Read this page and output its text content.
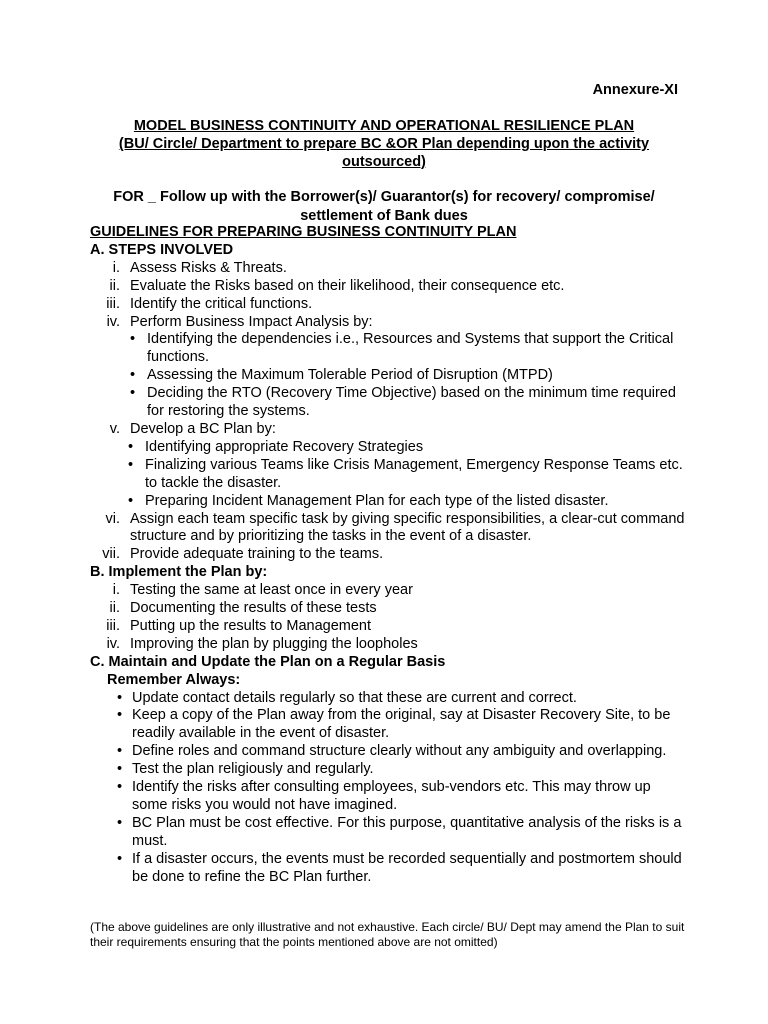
Annexure-XI
MODEL BUSINESS CONTINUITY AND OPERATIONAL RESILIENCE PLAN
(BU/ Circle/ Department to prepare BC &OR Plan depending upon the activity outsourced)
FOR _ Follow up with the Borrower(s)/ Guarantor(s) for recovery/ compromise/ settlement of Bank dues
GUIDELINES FOR PREPARING BUSINESS CONTINUITY PLAN
A. STEPS INVOLVED
i. Assess Risks & Threats.
ii. Evaluate the Risks based on their likelihood, their consequence etc.
iii. Identify the critical functions.
iv. Perform Business Impact Analysis by:
• Identifying the dependencies i.e., Resources and Systems that support the Critical functions.
• Assessing the Maximum Tolerable Period of Disruption (MTPD)
• Deciding the RTO (Recovery Time Objective) based on the minimum time required for restoring the systems.
v. Develop a BC Plan by:
• Identifying appropriate Recovery Strategies
• Finalizing various Teams like Crisis Management, Emergency Response Teams etc. to tackle the disaster.
• Preparing Incident Management Plan for each type of the listed disaster.
vi. Assign each team specific task by giving specific responsibilities, a clear-cut command structure and by prioritizing the tasks in the event of a disaster.
vii. Provide adequate training to the teams.
B. Implement the Plan by:
i. Testing the same at least once in every year
ii. Documenting the results of these tests
iii. Putting up the results to Management
iv. Improving the plan by plugging the loopholes
C. Maintain and Update the Plan on a Regular Basis
Remember Always:
• Update contact details regularly so that these are current and correct.
• Keep a copy of the Plan away from the original, say at Disaster Recovery Site, to be readily available in the event of disaster.
• Define roles and command structure clearly without any ambiguity and overlapping.
• Test the plan religiously and regularly.
• Identify the risks after consulting employees, sub-vendors etc. This may throw up some risks you would not have imagined.
• BC Plan must be cost effective. For this purpose, quantitative analysis of the risks is a must.
• If a disaster occurs, the events must be recorded sequentially and postmortem should be done to refine the BC Plan further.
(The above guidelines are only illustrative and not exhaustive. Each circle/ BU/ Dept may amend the Plan to suit their requirements ensuring that the points mentioned above are not omitted)
